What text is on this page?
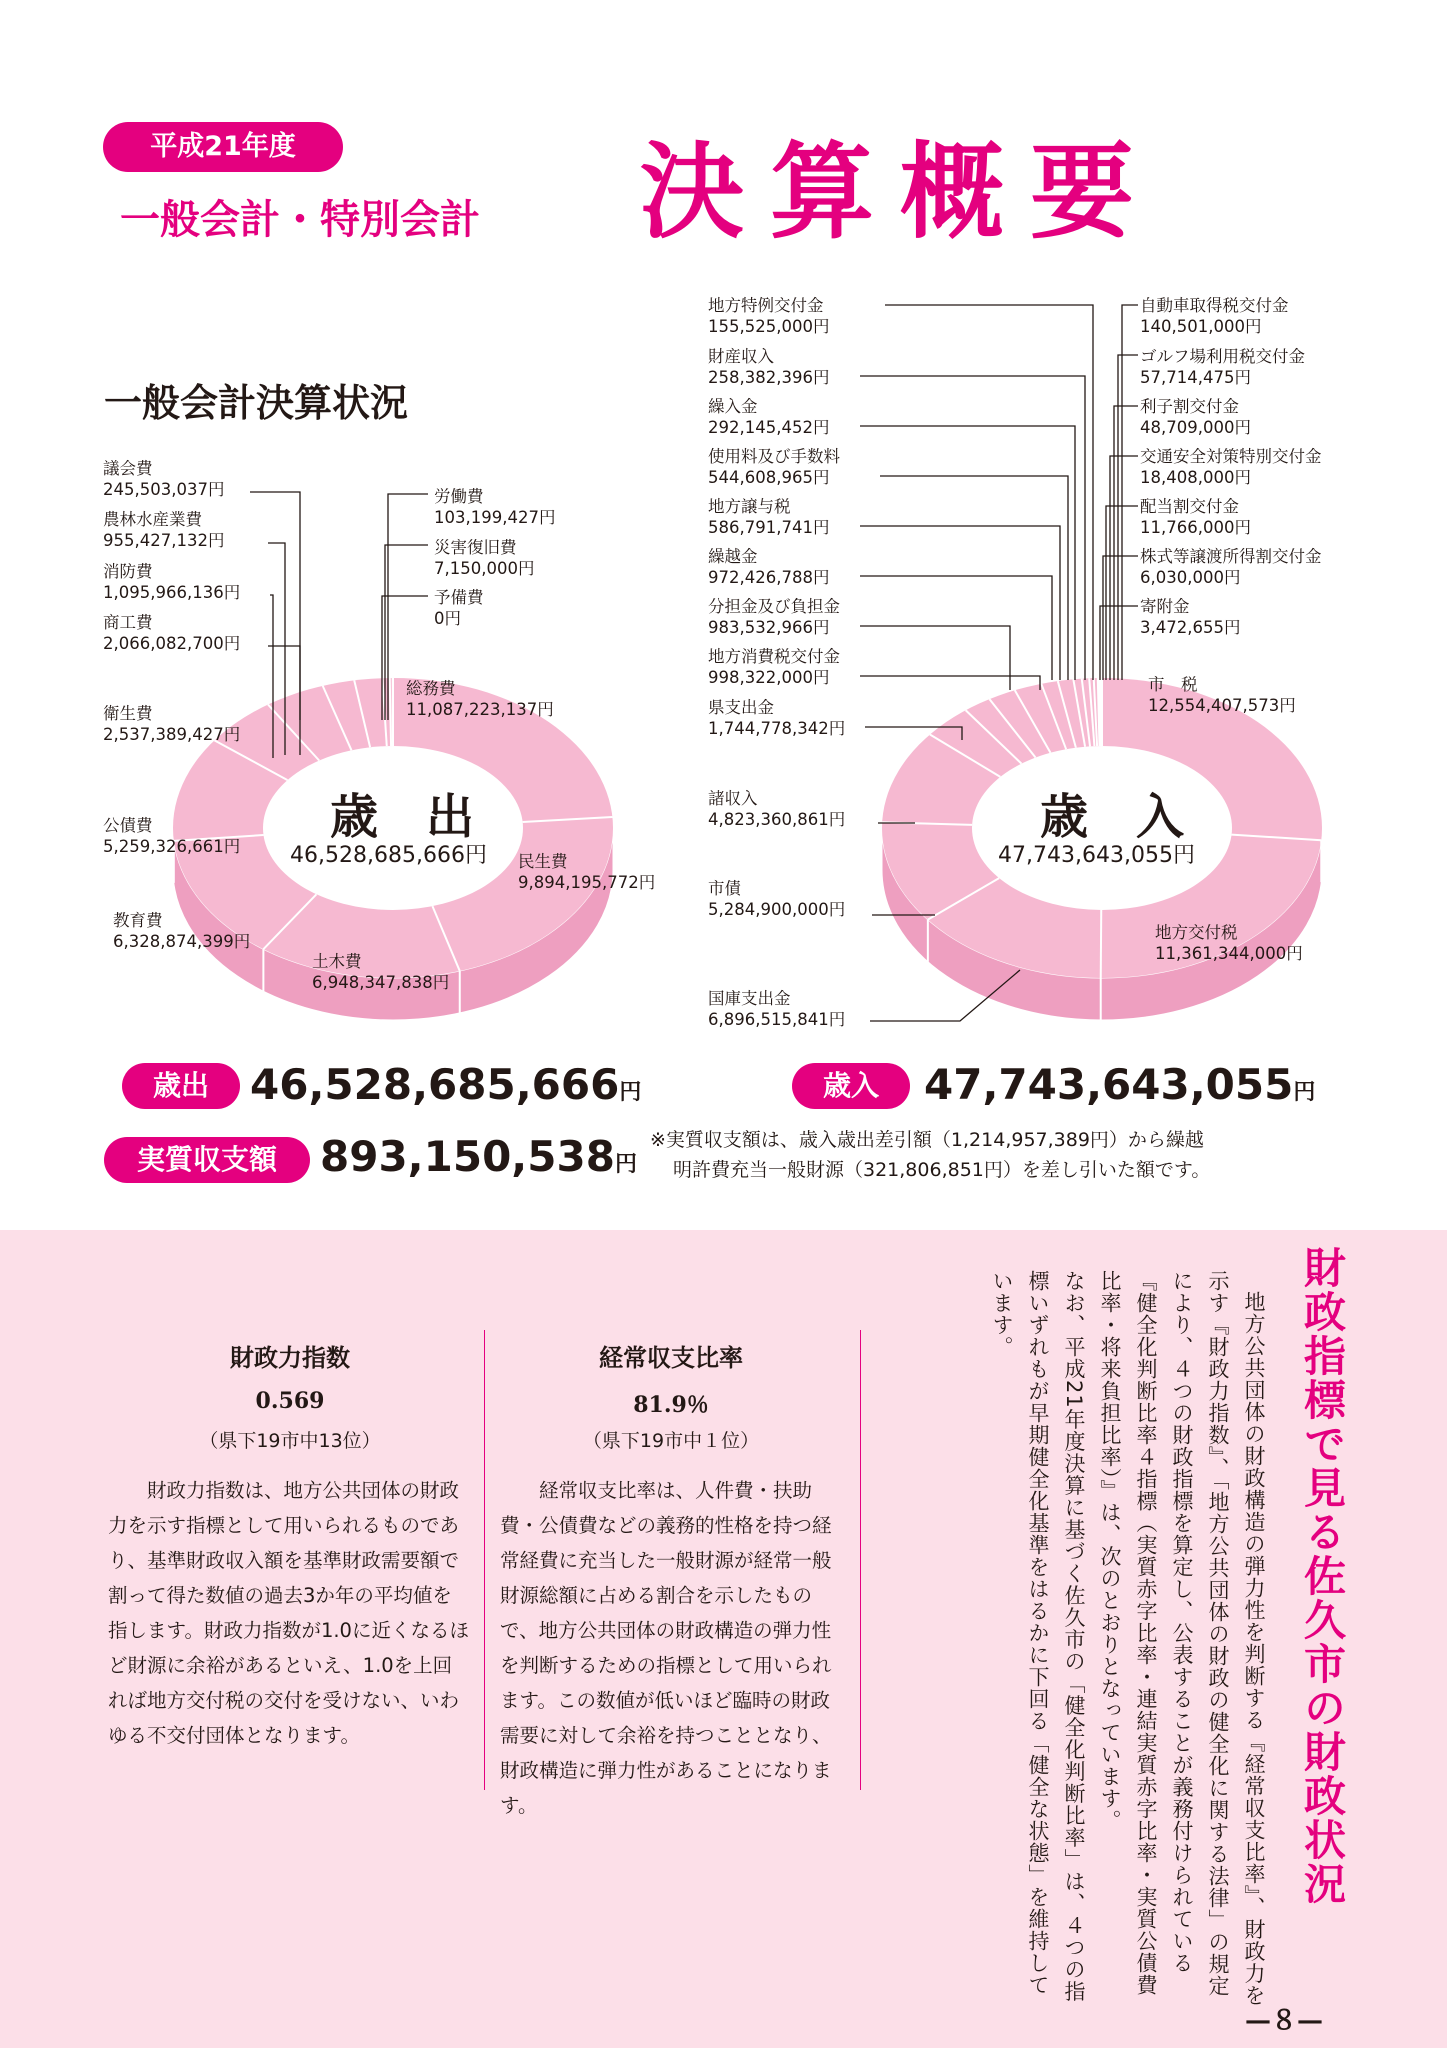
平成21年度
一般会計・特別会計 決算概要
一般会計決算状況
歳　出
46,528,685,666円
歳　入
47,743,643,055円
議会費
245,503,037円
農林水産業費
955,427,132円
消防費
1,095,966,136円
商工費
2,066,082,700円
衛生費
2,537,389,427円
公債費
5,259,326,661円
教育費
6,328,874,399円
土木費
6,948,347,838円
民生費
9,894,195,772円
総務費
11,087,223,137円
労働費
103,199,427円
災害復旧費
7,150,000円
予備費
0円
地方特例交付金
155,525,000円
財産収入
258,382,396円
繰入金
292,145,452円
使用料及び手数料
544,608,965円
地方譲与税
586,791,741円
繰越金
972,426,788円
分担金及び負担金
983,532,966円
地方消費税交付金
998,322,000円
県支出金
1,744,778,342円
諸収入
4,823,360,861円
市債
5,284,900,000円
国庫支出金
6,896,515,841円
自動車取得税交付金
140,501,000円
ゴルフ場利用税交付金
57,714,475円
利子割交付金
48,709,000円
交通安全対策特別交付金
18,408,000円
配当割交付金
11,766,000円
株式等譲渡所得割交付金
6,030,000円
寄附金
3,472,655円
市　税
12,554,407,573円
地方交付税
11,361,344,000円
歳出 46,528,685,666円	歳入	47,743,643,055円
実質収支額	893,150,538円
※実質収支額は、歳入歳出差引額（1,214,957,389円）から繰越
明許費充当一般財源（321,806,851円）を差し引いた額です。
財政力指数
0.569
（県下19市中13位）
財政力指数は、地方公共団体の財政力を示す指標として用いられるものであり、基準財政収入額を基準財政需要額で割って得た数値の過去3か年の平均値を指します。財政力指数が1.0に近くなるほど財源に余裕があるといえ、1.0を上回れば地方交付税の交付を受けない、いわゆる不交付団体となります。
経常収支比率
81.9％
（県下19市中１位）
経常収支比率は、人件費・扶助費・公債費などの義務的性格を持つ経常経費に充当した一般財源が経常一般財源総額に占める割合を示したもので、地方公共団体の財政構造の弾力性を判断するための指標として用いられます。この数値が低いほど臨時の財政需要に対して余裕を持つこととなり、財政構造に弾力性があることになります。	地方公共団体の財政構造の弾力性を判断する『経常収支比率』、財政力を示す『財政力指数』、「地方公共団体の財政の健全化に関する法律」の規定により、４つの財政指標を算定し、公表することが義務付けられている『健全化判断比率４指標（実質赤字比率・連結実質赤字比率・実質公債費比率・将来負担比率）』は、次のとおりとなっています。
なお、平成21年度決算に基づく佐久市の「健全化判断比率」は、４つの指標いずれもが早期健全化基準をはるかに下回る「健全な状態」を維持しています。	財政指標で見る佐久市の財政状況
—８—
